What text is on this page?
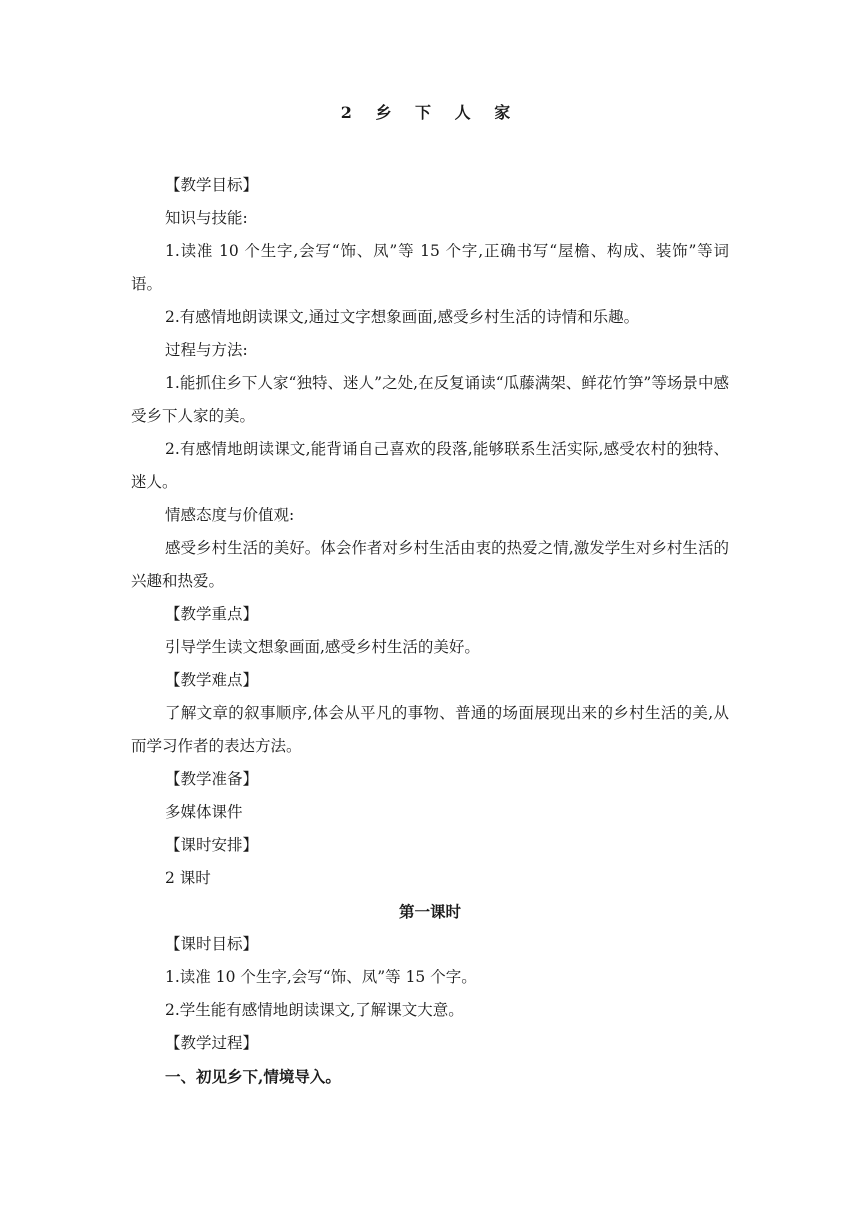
2 乡 下 人 家

【教学目标】

知识与技能:

1.读准 10 个生字,会写“饰、凤”等 15 个字,正确书写“屋檐、构成、装饰”等词语。

2.有感情地朗读课文,通过文字想象画面,感受乡村生活的诗情和乐趣。

过程与方法:

1.能抓住乡下人家“独特、迷人”之处,在反复诵读“瓜藤满架、鲜花竹笋”等场景中感受乡下人家的美。

2.有感情地朗读课文,能背诵自己喜欢的段落,能够联系生活实际,感受农村的独特、迷人。

情感态度与价值观:

感受乡村生活的美好。体会作者对乡村生活由衷的热爱之情,激发学生对乡村生活的兴趣和热爱。

【教学重点】

引导学生读文想象画面,感受乡村生活的美好。

【教学难点】

了解文章的叙事顺序,体会从平凡的事物、普通的场面展现出来的乡村生活的美,从而学习作者的表达方法。

【教学准备】

多媒体课件

【课时安排】

2 课时

第一课时

【课时目标】

1.读准 10 个生字,会写“饰、凤”等 15 个字。

2.学生能有感情地朗读课文,了解课文大意。

【教学过程】

一、初见乡下,情境导入。
